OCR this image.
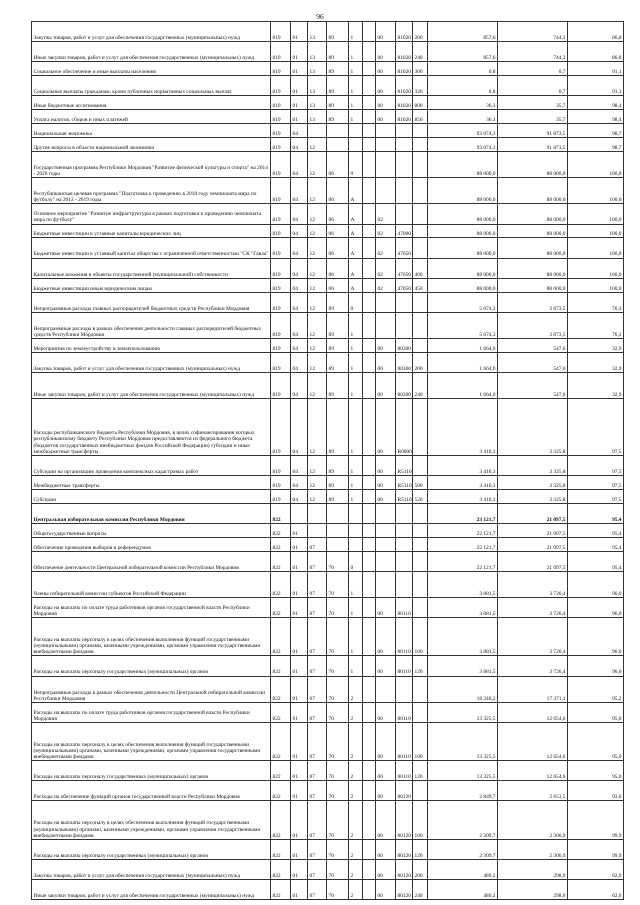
96
Закупка товаров, работ и услуг для обеспечения государственных (муниципальных) нужд	819	01	13	89	1		00	81020	200	857,6	744,3	86,8
Иные закупки товаров, работ и услуг для обеспечения государственных (муниципальных) нужд	819	01	13	89	1		00	81020	240	857,6	744,3	86,8
Социальное обеспечение и иные выплаты населению	819	01	13	89	1		00	81020	300	0,8	0,7	91,1
Социальные выплаты гражданам, кроме публичных нормативных социальных выплат	819	01	13	89	1		00	81020	320	0,8	0,7	91,1
Иные бюджетные ассигнования	819	01	13	89	1		00	81020	800	36,3	35,7	98,4
Уплата налогов, сборов и иных платежей	819	01	13	89	1		00	81020	850	36,3	35,7	98,4
Национальная экономика	819	04								93 074,3	91 873,5	98,7
Другие вопросы в области национальной экономики	819	04	12							93 074,3	91 873,5	98,7
Государственная программа Республики Мордовия "Развитие физической культуры и спорта" на 2014 - 2020 годы	819	04	12	06	0					88 000,0	88 000,0	100,0
Республиканская целевая программа "Подготовка к проведению в 2018 году чемпионата мира по футболу" на 2013 - 2019 годы	819	04	12	06	А					88 000,0	88 000,0	100,0
Основное мероприятие "Развитие инфраструктуры в рамках подготовки к проведению чемпионата мира по футболу"	819	04	12	06	А		02			88 000,0	88 000,0	100,0
Бюджетные инвестиции в уставные капиталы юридических лиц	819	04	12	06	А		02	47000		88 000,0	88 000,0	100,0
Бюджетные инвестиции в уставный капитал общества с ограниченной ответственностью "СК "Гавла"	819	04	12	06	А		02	47050		88 000,0	88 000,0	100,0
Капитальные вложения в объекты государственной (муниципальной) собственности	819	04	12	06	А		02	47050	400	88 000,0	88 000,0	100,0
Бюджетные инвестиции иным юридическим лицам	819	04	12	06	А		02	47050	450	88 000,0	88 000,0	100,0
Непрограммные расходы главных распорядителей бюджетных средств Республики Мордовия	819	04	12	89	0					5 074,3	3 873,5	76,3
Непрограммные расходы в рамках обеспечения деятельности главных распорядителей бюджетных средств Республики Мордовия	819	04	12	89	1					5 074,3	3 873,5	76,3
Мероприятия по землеустройству и землепользованию	819	04	12	89	1		00	80300		1 664,0	547,6	32,9
Закупка товаров, работ и услуг для обеспечения государственных (муниципальных) нужд	819	04	12	89	1		00	80300	200	1 664,0	547,6	32,9
Иные закупки товаров, работ и услуг для обеспечения государственных (муниципальных) нужд	819	04	12	89	1		00	80300	240	1 664,0	547,6	32,9
Расходы республиканского бюджета Республики Мордовия, в целях софинансирования которых республиканскому бюджету Республики Мордовия предоставляются из федерального бюджета (бюджетов государственных внебюджетных фондов Российской Федерации) субсидии и иные межбюджетные трансферты	819	04	12	89	1		00	R0000		3 410,3	3 325,8	97,5
Субсидии на организацию проведения комплексных кадастровых работ	819	04	12	89	1		00	R5110		3 410,3	3 325,8	97,5
Межбюджетные трансферты	819	04	12	89	1		00	R5110	500	3 410,3	3 325,8	97,5
Субсидии	819	04	12	89	1		00	R5110	520	3 410,3	3 325,8	97,5
Центральная избирательная комиссия Республики Мордовия	822									23 121,7	21 097,5	95,4
Общегосударственные вопросы	822	01								22 121,7	21 097,5	95,4
Обеспечение проведения выборов и референдумов	822	01	07							22 121,7	21 097,5	95,4
Обеспечение деятельности Центральной избирательной комиссии Республики Мордовия	822	01	07	70	0					22 121,7	21 097,5	95,4
Члены избирательной комиссии субъектов Российской Федерации	822	01	07	70	1					3 881,5	3 726,4	96,0
Расходы на выплаты по оплате труда работников органов государственной власти Республики Мордовия	822	01	07	70	1		00	80110		3 881,5	3 726,4	96,0
Расходы на выплаты персоналу в целях обеспечения выполнения функций государственными (муниципальными) органами, казенными учреждениями, органами управления государственными внебюджетными фондами	822	01	07	70	1		00	80110	100	3 881,5	3 726,4	96,0
Расходы на выплаты персоналу государственных (муниципальных) органов	822	01	07	70	1		00	80110	120	3 881,5	3 726,4	96,0
Непрограммные расходы в рамках обеспечения деятельности Центральной избирательной комиссии Республики Мордовия	822	01	07	70	2					18 240,2	17 371,1	95,2
Расходы на выплаты по оплате труда работников органов государственной власти Республики Мордовия	822	01	07	70	2		00	80110		13 325,5	12 654,6	95,0
Расходы на выплаты персоналу в целях обеспечения выполнения функций государственными (муниципальными) органами, казенными учреждениями, органами управления государственными внебюджетными фондами	822	01	07	70	2		00	80110	100	13 325,5	12 654,6	95,0
Расходы на выплаты персоналу государственных (муниципальных) органов	822	01	07	70	2		00	80110	120	13 325,5	12 654,6	95,0
Расходы на обеспечение функций органов государственной власти Республики Мордовия	822	01	07	70	2		00	80120		2 849,7	2 651,5	93,0
Расходы на выплаты персоналу в целях обеспечения выполнения функций государственными (муниципальными) органами, казенными учреждениями, органами управления государственными внебюджетными фондами	822	01	07	70	2		00	80120	100	2 309,7	2 306,9	99,9
Расходы на выплаты персоналу государственных (муниципальных) органов	822	01	07	70	2		00	80120	120	2 309,7	2 306,9	99,9
Закупка товаров, работ и услуг для обеспечения государственных (муниципальных) нужд	822	01	07	70	2		00	80120	200	480,2	298,0	62,0
Иные закупки товаров, работ и услуг для обеспечения государственных (муниципальных) нужд	822	01	07	70	2		00	80120	240	480,2	298,0	62,0
